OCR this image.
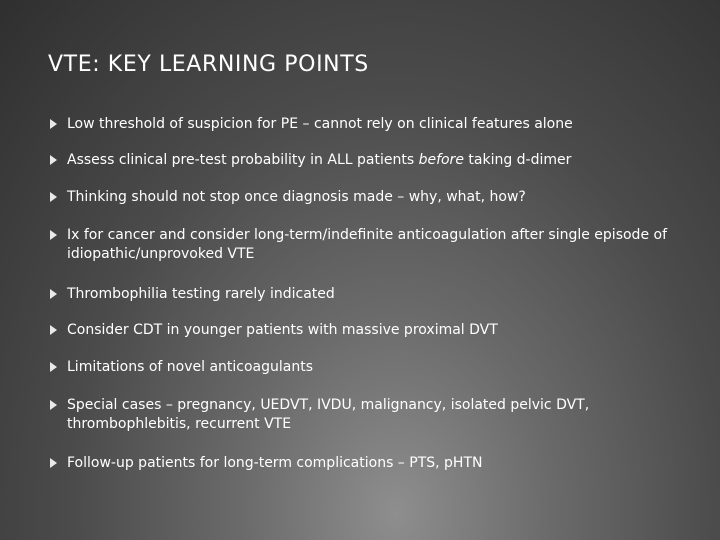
VTE: KEY LEARNING POINTS
Low threshold of suspicion for PE – cannot rely on clinical features alone
Assess clinical pre-test probability in ALL patients before taking d-dimer
Thinking should not stop once diagnosis made – why, what, how?
Ix for cancer and consider long-term/indefinite anticoagulation after single episode of idiopathic/unprovoked VTE
Thrombophilia testing rarely indicated
Consider CDT in younger patients with massive proximal DVT
Limitations of novel anticoagulants
Special cases – pregnancy, UEDVT, IVDU, malignancy, isolated pelvic DVT, thrombophlebitis, recurrent VTE
Follow-up patients for long-term complications – PTS, pHTN
